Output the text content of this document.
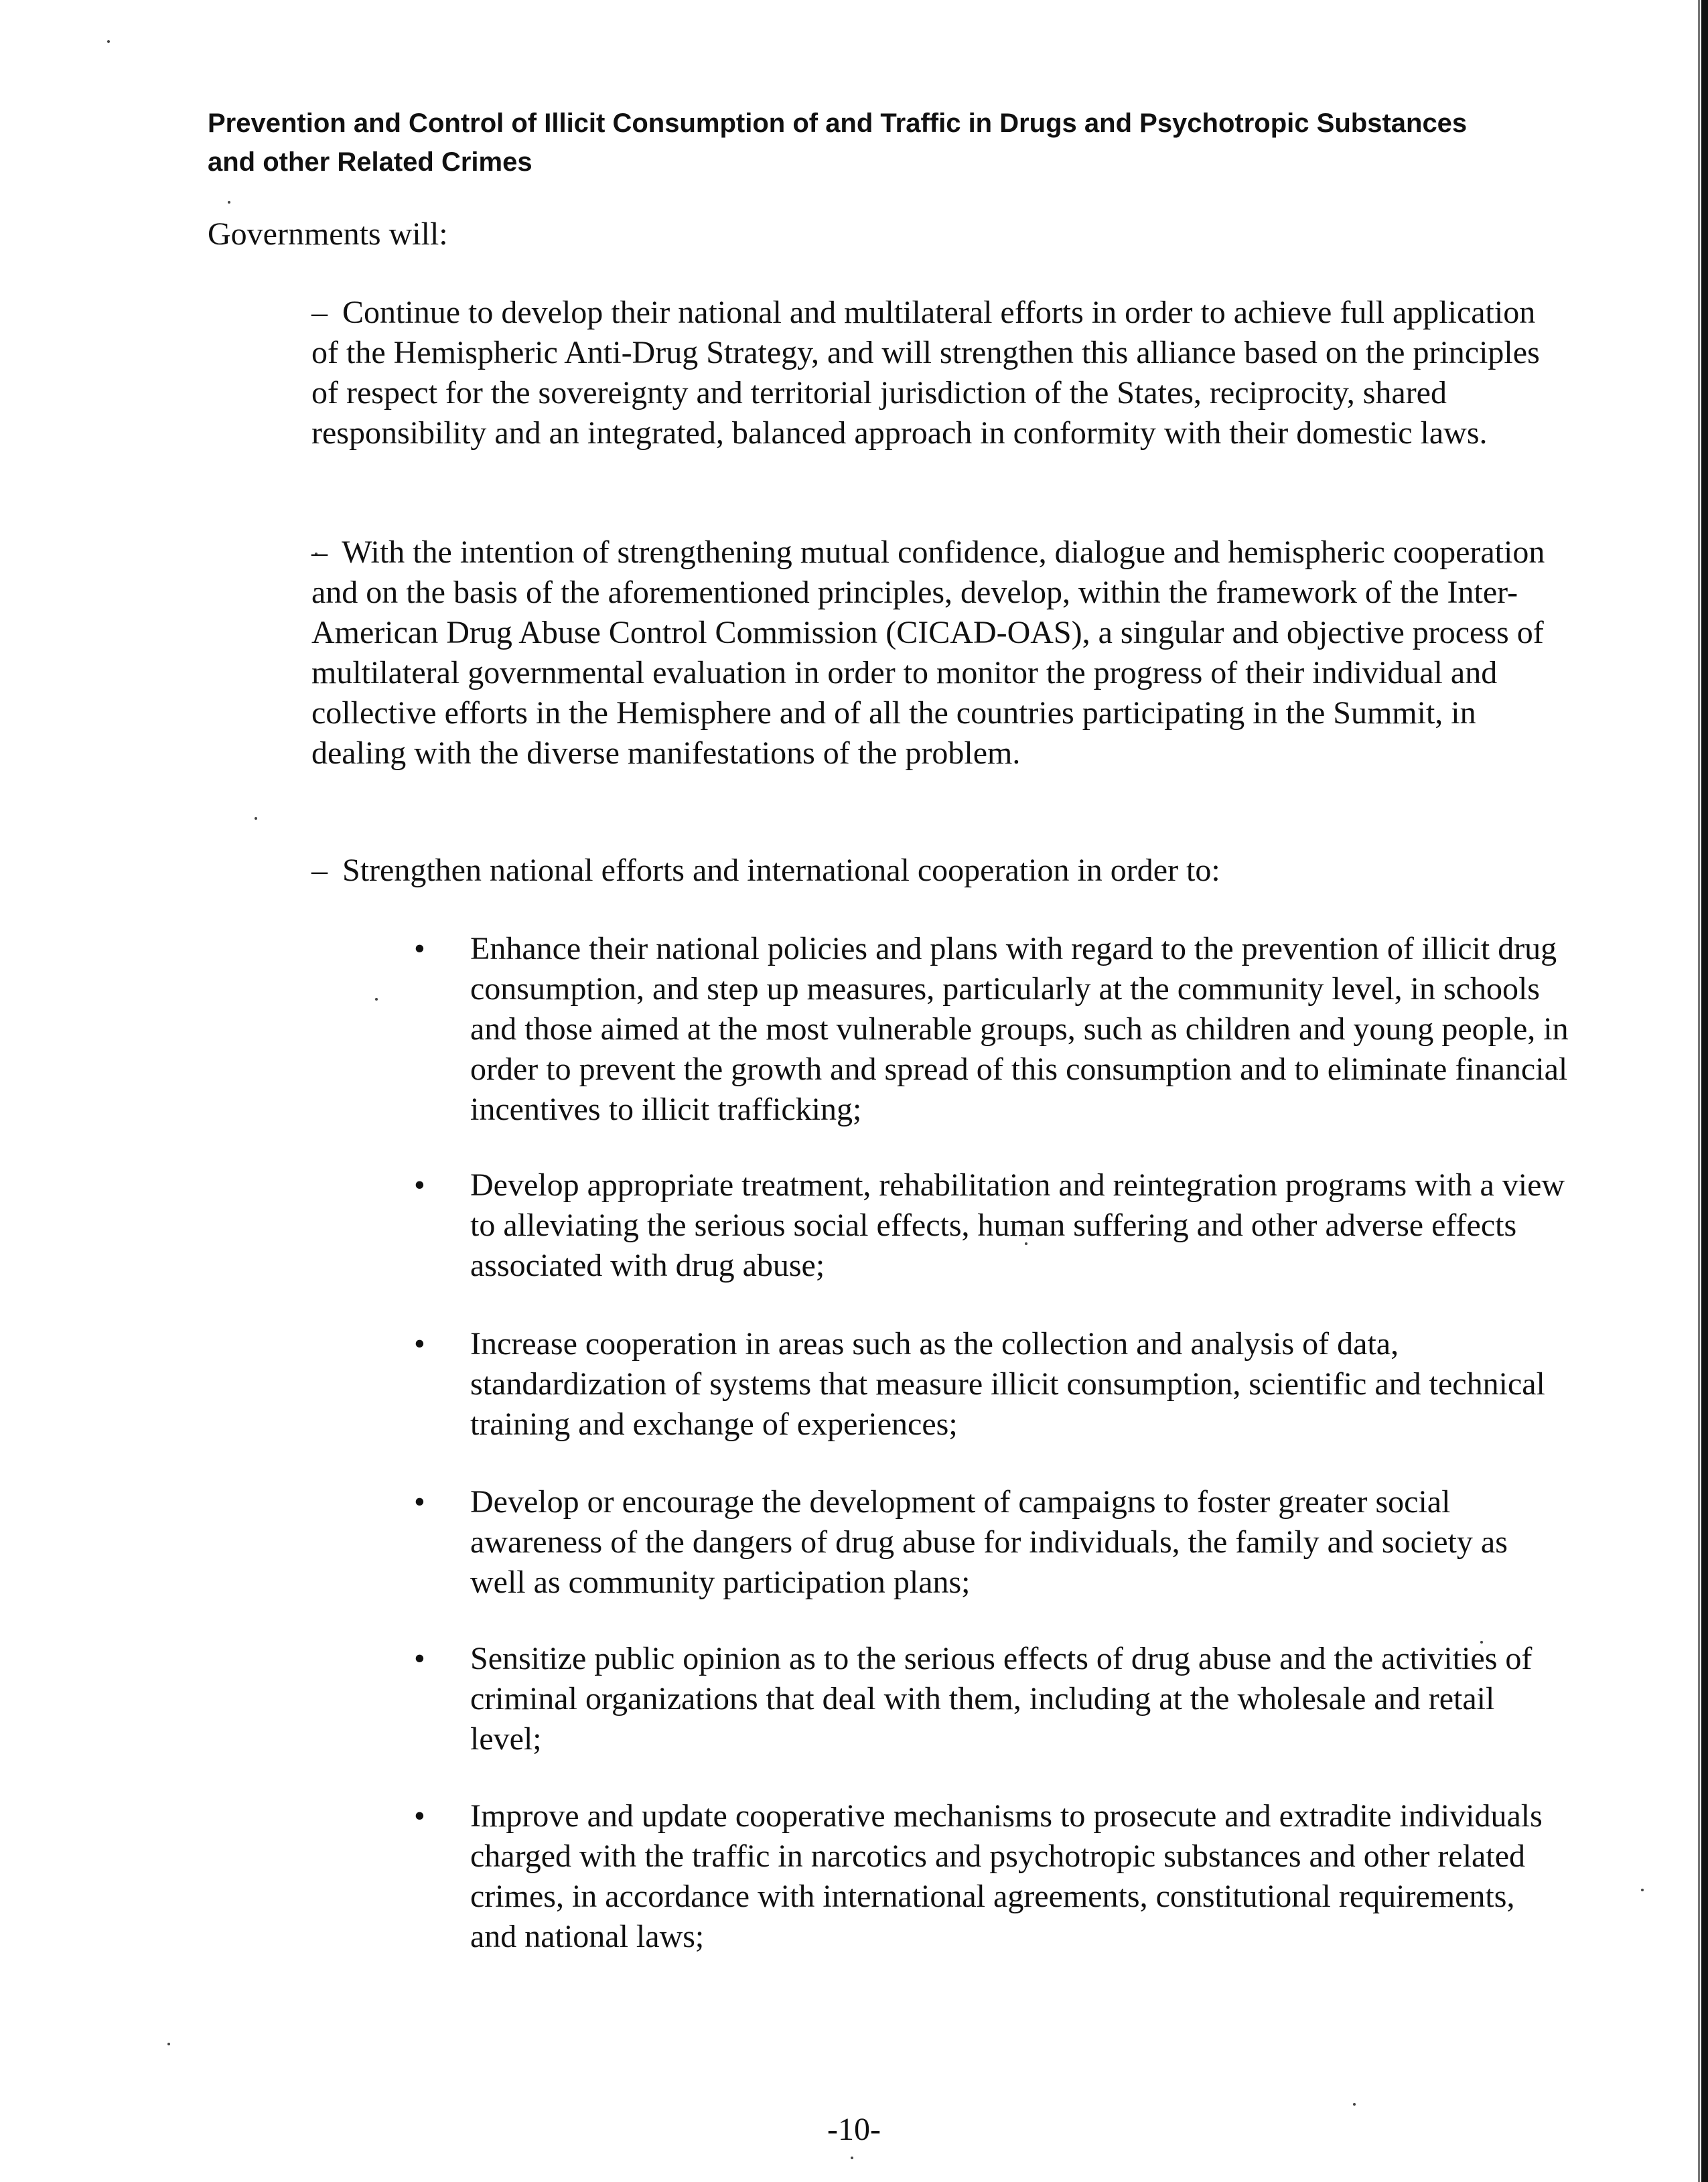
Prevention and Control of Illicit Consumption of and Traffic in Drugs and Psychotropic Substances and other Related Crimes

Governments will:

– Continue to develop their national and multilateral efforts in order to achieve full application of the Hemispheric Anti-Drug Strategy, and will strengthen this alliance based on the principles of respect for the sovereignty and territorial jurisdiction of the States, reciprocity, shared responsibility and an integrated, balanced approach in conformity with their domestic laws.
– With the intention of strengthening mutual confidence, dialogue and hemispheric cooperation and on the basis of the aforementioned principles, develop, within the framework of the Inter-American Drug Abuse Control Commission (CICAD-OAS), a singular and objective process of multilateral governmental evaluation in order to monitor the progress of their individual and collective efforts in the Hemisphere and of all the countries participating in the Summit, in dealing with the diverse manifestations of the problem.
– Strengthen national efforts and international cooperation in order to:
• Enhance their national policies and plans with regard to the prevention of illicit drug consumption, and step up measures, particularly at the community level, in schools and those aimed at the most vulnerable groups, such as children and young people, in order to prevent the growth and spread of this consumption and to eliminate financial incentives to illicit trafficking;

• Develop appropriate treatment, rehabilitation and reintegration programs with a view to alleviating the serious social effects, human suffering and other adverse effects associated with drug abuse;

• Increase cooperation in areas such as the collection and analysis of data, standardization of systems that measure illicit consumption, scientific and technical training and exchange of experiences;

• Develop or encourage the development of campaigns to foster greater social awareness of the dangers of drug abuse for individuals, the family and society as well as community participation plans;

• Sensitize public opinion as to the serious effects of drug abuse and the activities of criminal organizations that deal with them, including at the wholesale and retail level;

• Improve and update cooperative mechanisms to prosecute and extradite individuals charged with the traffic in narcotics and psychotropic substances and other related crimes, in accordance with international agreements, constitutional requirements, and national laws;

-10-
